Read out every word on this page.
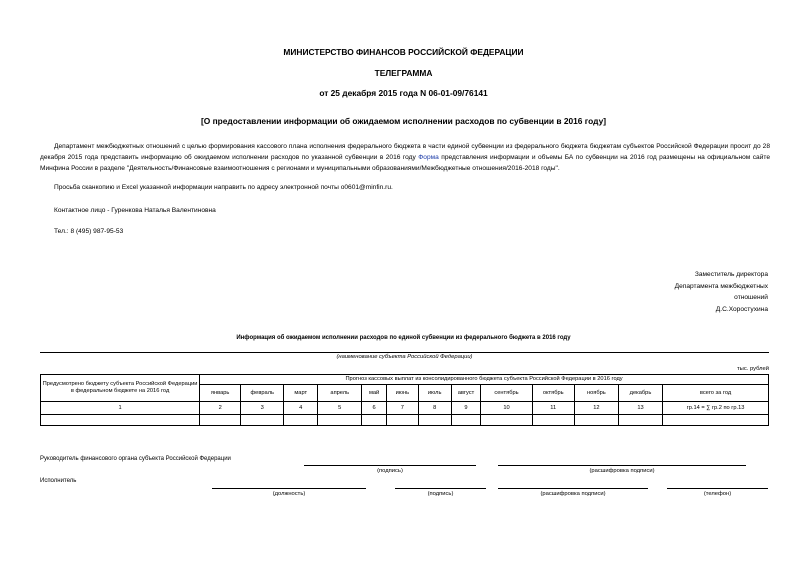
МИНИСТЕРСТВО ФИНАНСОВ РОССИЙСКОЙ ФЕДЕРАЦИИ
ТЕЛЕГРАММА
от 25 декабря 2015 года N 06-01-09/76141
[О предоставлении информации об ожидаемом исполнении расходов по субвенции в 2016 году]
Департамент межбюджетных отношений с целью формирования кассового плана исполнения федерального бюджета в части единой субвенции из федерального бюджета бюджетам субъектов Российской Федерации просит до 28 декабря 2015 года представить информацию об ожидаемом исполнении расходов по указанной субвенции в 2016 году Форма представления информации и объемы БА по субвенции на 2016 год размещены на официальном сайте Минфина России в разделе "Деятельность/Финансовые взаимоотношения с регионами и муниципальными образованиями/Межбюджетные отношения/2016-2018 годы".
Просьба сканкопию и Excel указанной информации направить по адресу электронной почты o0601@minfin.ru.
Контактное лицо - Гуренкова Наталья Валентиновна
Тел.: 8 (495) 987-95-53
Заместитель директора
Департамента межбюджетных
отношений
Д.С.Хоростухина
Информация об ожидаемом исполнении расходов по единой субвенции из федерального бюджета в 2016 году
(наименование субъекта Российской Федерации)
тыс. рублей
Предусмотрено бюджету субъекта Российской Федерации в федеральном бюджете на 2016 год	Прогноз кассовых выплат из консолидированного бюджета субъекта Российской Федерации в 2016 году												
	январь	февраль	март	апрель	май	июнь	июль	август	сентябрь	октябрь	ноябрь	декабрь	всего за год
1	2	3	4	5	6	7	8	9	10	11	12	13	гр.14 = ∑ гр.2 по гр.13

Руководитель финансового органа субъекта Российской Федерации
(подпись)	(расшифровка подписи)
Исполнитель
(должность)	(подпись)	(расшифровка подписи)	(телефон)
